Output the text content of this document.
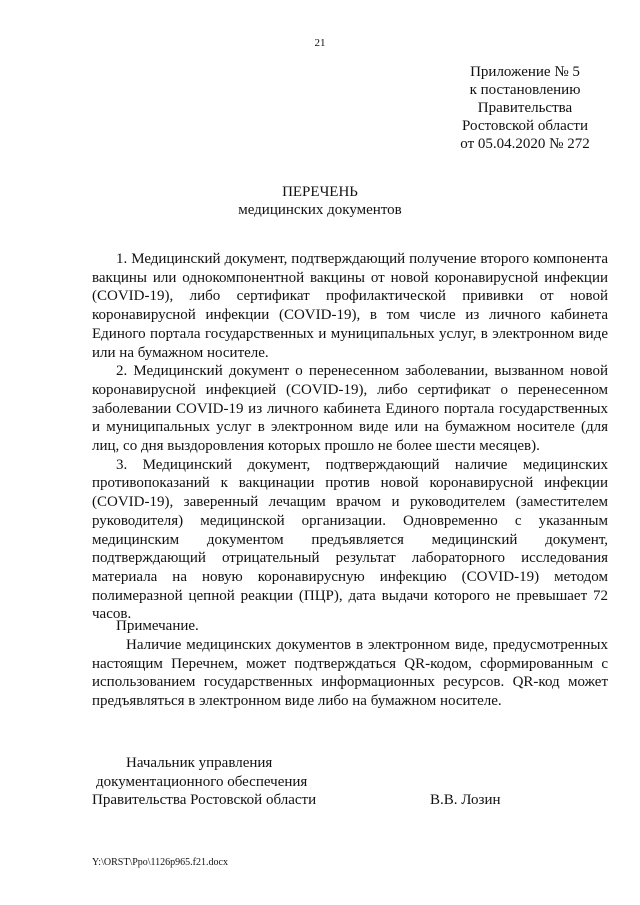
21
Приложение № 5
к постановлению
Правительства
Ростовской области
от 05.04.2020 № 272
ПЕРЕЧЕНЬ
медицинских документов

1. Медицинский документ, подтверждающий получение второго компонента вакцины или однокомпонентной вакцины от новой коронавирусной инфекции (COVID-19), либо сертификат профилактической прививки от новой коронавирусной инфекции (COVID-19), в том числе из личного кабинета Единого портала государственных и муниципальных услуг, в электронном виде или на бумажном носителе.

2. Медицинский документ о перенесенном заболевании, вызванном новой коронавирусной инфекцией (COVID-19), либо сертификат о перенесенном заболевании COVID-19 из личного кабинета Единого портала государственных и муниципальных услуг в электронном виде или на бумажном носителе (для лиц, со дня выздоровления которых прошло не более шести месяцев).

3. Медицинский документ, подтверждающий наличие медицинских противопоказаний к вакцинации против новой коронавирусной инфекции (COVID-19), заверенный лечащим врачом и руководителем (заместителем руководителя) медицинской организации. Одновременно с указанным медицинским документом предъявляется медицинский документ, подтверждающий отрицательный результат лабораторного исследования материала на новую коронавирусную инфекцию (COVID-19) методом полимеразной цепной реакции (ПЦР), дата выдачи которого не превышает 72 часов.

Примечание.

Наличие медицинских документов в электронном виде, предусмотренных настоящим Перечнем, может подтверждаться QR-кодом, сформированным с использованием государственных информационных ресурсов. QR-код может предъявляться в электронном виде либо на бумажном носителе.

Начальник управления
документационного обеспечения
Правительства Ростовской области	В.В. Лозин
Y:\ORST\Ppo\1126p965.f21.docx
